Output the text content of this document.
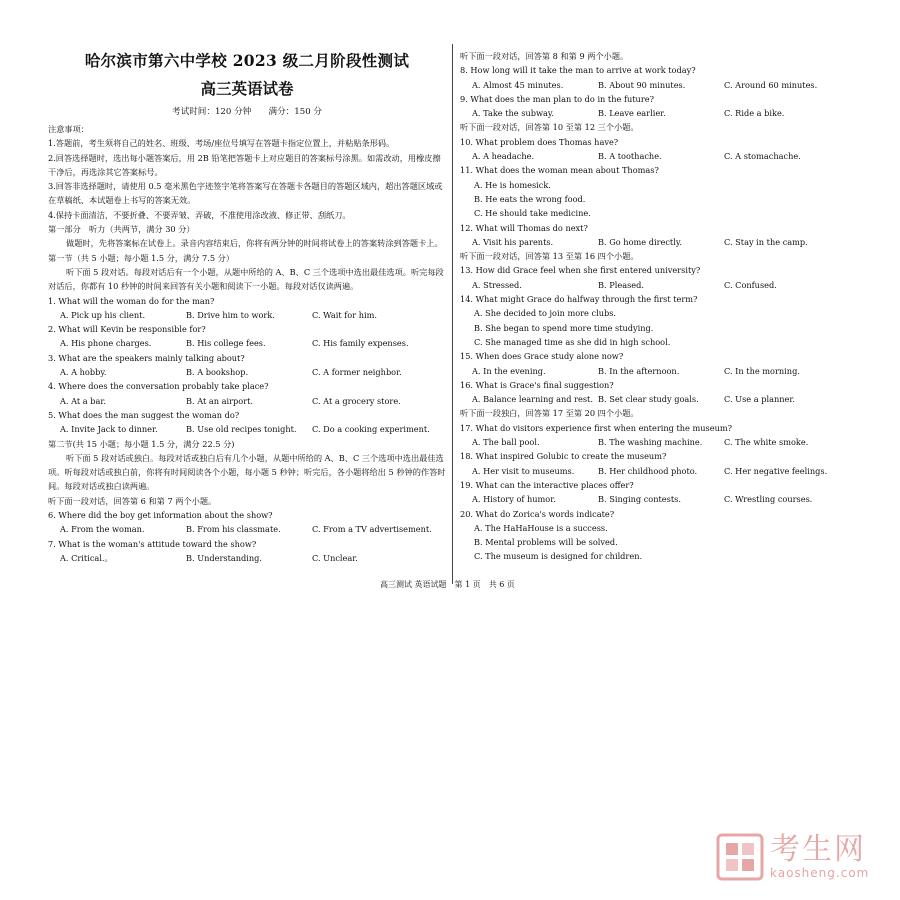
哈尔滨市第六中学校 2023 级二月阶段性测试
高三英语试卷
考试时间：120 分钟　　满分：150 分
注意事项：
1.答题前，考生须将自己的姓名、班级、考场/座位号填写在答题卡指定位置上，并粘贴条形码。
2.回答选择题时，选出每小题答案后，用 2B 铅笔把答题卡上对应题目的答案标号涂黑。如需改动，用橡皮擦干净后，再选涂其它答案标号。
3.回答非选择题时，请使用 0.5 毫米黑色字迹签字笔将答案写在答题卡各题目的答题区域内，超出答题区域或在草稿纸、本试题卷上书写的答案无效。
4.保持卡面清洁，不要折叠、不要弄皱、弄破，不准使用涂改液、修正带、刮纸刀。
第一部分　听力（共两节，满分 30 分）
做题时，先将答案标在试卷上。录音内容结束后，你将有两分钟的时间将试卷上的答案转涂到答题卡上。
第一节（共 5 小题；每小题 1.5 分，满分 7.5 分）
听下面 5 段对话。每段对话后有一个小题，从题中所给的 A、B、C 三个选项中选出最佳选项。听完每段对话后，你都有 10 秒钟的时间来回答有关小题和阅读下一小题。每段对话仅读两遍。
1. What will the woman do for the man?
A. Pick up his client.	B. Drive him to work.	C. Wait for him.
2. What will Kevin be responsible for?
A. His phone charges.	B. His college fees.	C. His family expenses.
3. What are the speakers mainly talking about?
A. A hobby.	B. A bookshop.	C. A former neighbor.
4. Where does the conversation probably take place?
A. At a bar.	B. At an airport.	C. At a grocery store.
5. What does the man suggest the woman do?
A. Invite Jack to dinner.	B. Use old recipes tonight.	C. Do a cooking experiment.
第二节(共 15 小题；每小题 1.5 分，满分 22.5 分)
听下面 5 段对话或独白。每段对话或独白后有几个小题，从题中所给的 A、B、C 三个选项中选出最佳选项。听每段对话或独白前，你将有时间阅读各个小题，每小题 5 秒钟；听完后，各小题将给出 5 秒钟的作答时间。每段对话或独白读两遍。
听下面一段对话，回答第 6 和第 7 两个小题。
6. Where did the boy get information about the show?
A. From the woman.	B. From his classmate.	C. From a TV advertisement.
7. What is the woman's attitude toward the show?
A. Critical.。	B. Understanding.	C. Unclear.
听下面一段对话，回答第 8 和第 9 两个小题。
8. How long will it take the man to arrive at work today?
A. Almost 45 minutes.	B. About 90 minutes.	C. Around 60 minutes.
9. What does the man plan to do in the future?
A. Take the subway.	B. Leave earlier.	C. Ride a bike.
听下面一段对话，回答第 10 至第 12 三个小题。
10. What problem does Thomas have?
A. A headache.	B. A toothache.	C. A stomachache.
11. What does the woman mean about Thomas?
A. He is homesick.
B. He eats the wrong food.
C. He should take medicine.
12. What will Thomas do next?
A. Visit his parents.	B. Go home directly.	C. Stay in the camp.
听下面一段对话，回答第 13 至第 16 四个小题。
13. How did Grace feel when she first entered university?
A. Stressed.	B. Pleased.	C. Confused.
14. What might Grace do halfway through the first term?
A. She decided to join more clubs.
B. She began to spend more time studying.
C. She managed time as she did in high school.
15. When does Grace study alone now?
A. In the evening.	B. In the afternoon.	C. In the morning.
16. What is Grace's final suggestion?
A. Balance learning and rest. B. Set clear study goals.	C. Use a planner.
听下面一段独白，回答第 17 至第 20 四个小题。
17. What do visitors experience first when entering the museum?
A. The ball pool.	B. The washing machine.	C. The white smoke.
18. What inspired Golubic to create the museum?
A. Her visit to museums.	B. Her childhood photo.	C. Her negative feelings.
19. What can the interactive places offer?
A. History of humor.	B. Singing contests.	C. Wrestling courses.
20. What do Zorica's words indicate?
A. The HaHaHouse is a success.
B. Mental problems will be solved.
C. The museum is designed for children.
高三测试 英语试题　第 1 页　共 6 页
考生网
kaosheng.com
